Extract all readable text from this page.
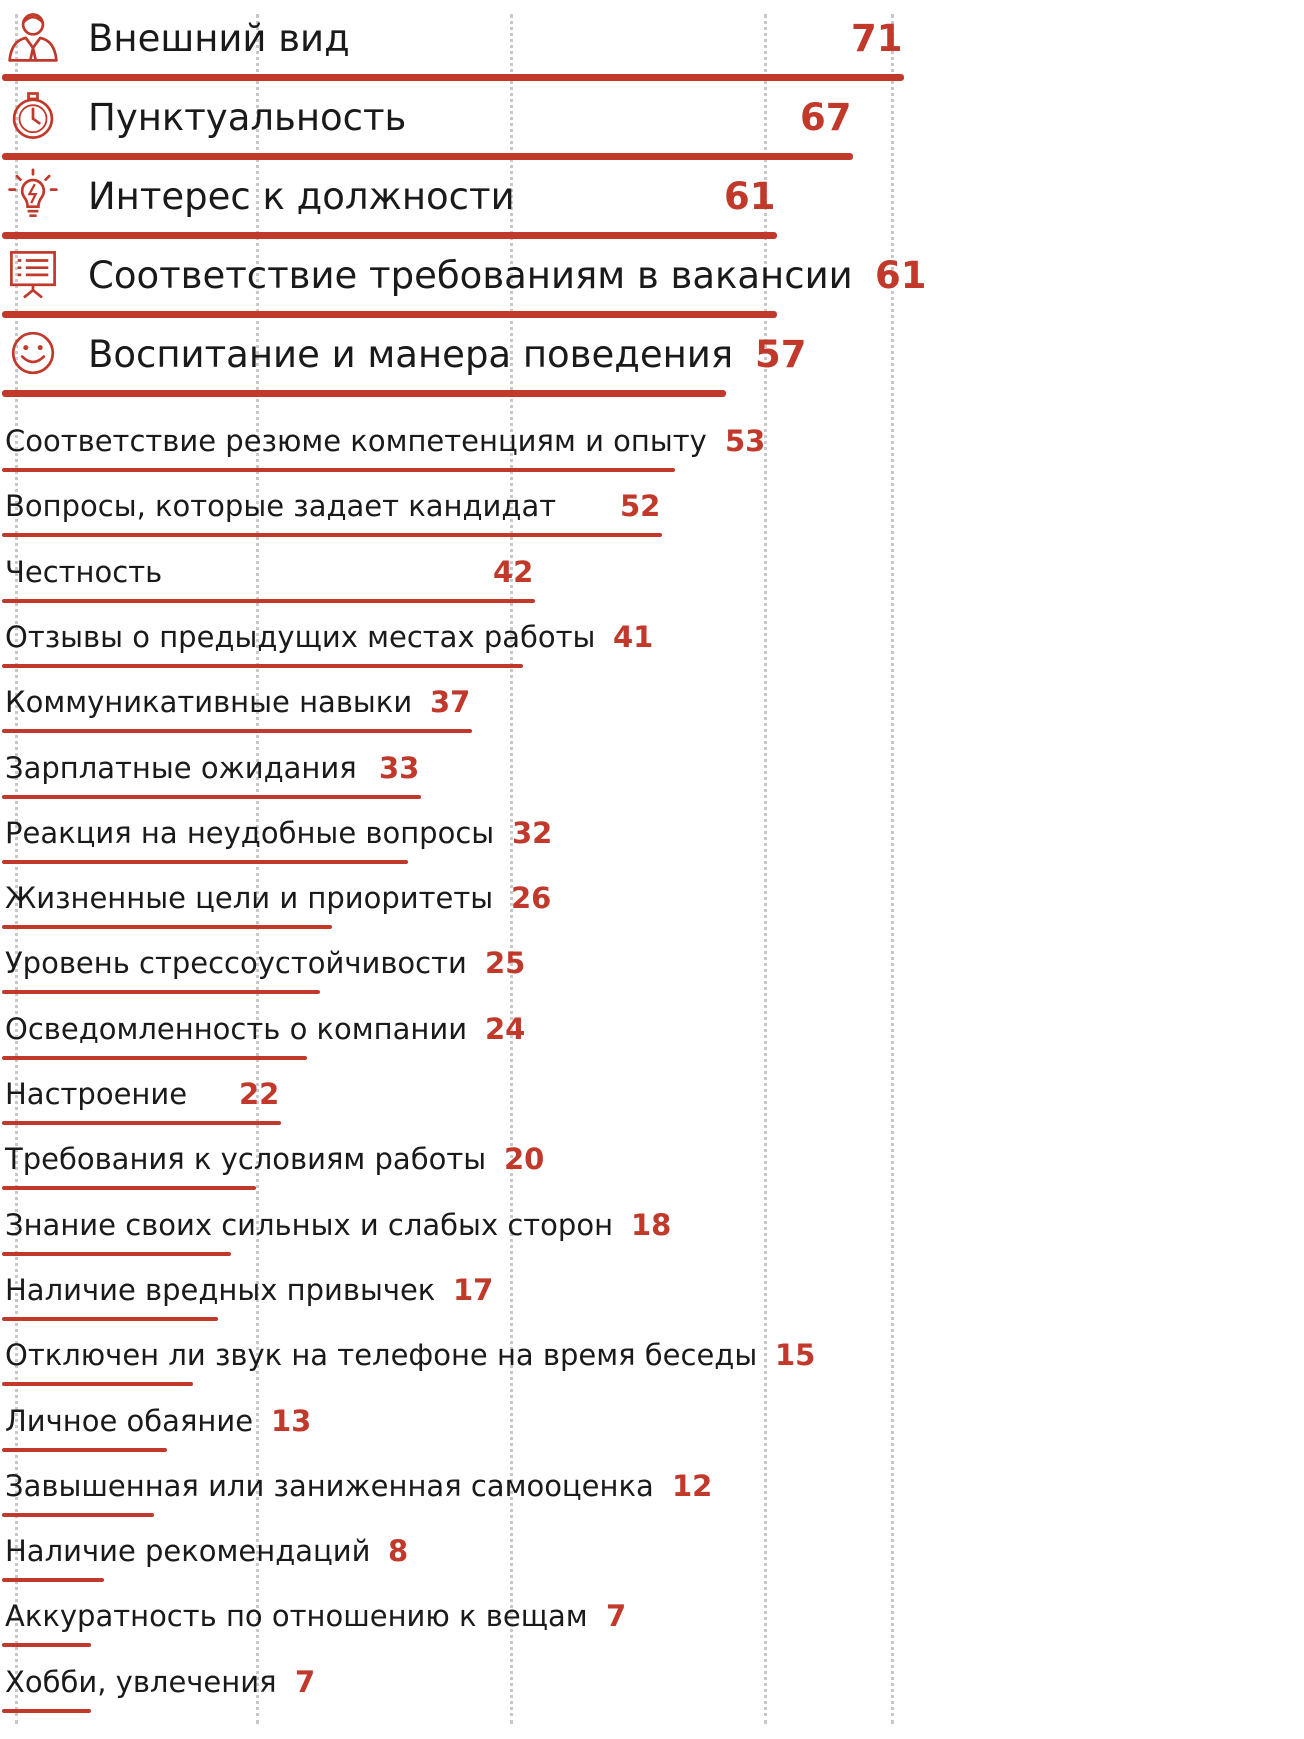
Внешний вид	71
Пунктуальность	67
Интерес к должности	61
Соответствие требованиям в вакансии 61
Воспитание и манера поведения 57
Соответствие резюме компетенциям и опыту 53
Вопросы, которые задает кандидат 52
Честность	42
Отзывы о предыдущих местах работы 41
Коммуникативные навыки 37
Зарплатные ожидания 33
Реакция на неудобные вопросы 32
Жизненные цели и приоритеты 26
Уровень стрессоустойчивости 25
Осведомленность о компании 24
Настроение 22
Требования к условиям работы 20
Знание своих сильных и слабых сторон 18
Наличие вредных привычек 17
Отключен ли звук на телефоне на время беседы 15
Личное обаяние 13
Завышенная или заниженная самооценка 12
Наличие рекомендаций 8
Аккуратность по отношению к вещам 7
Хобби, увлечения 7
